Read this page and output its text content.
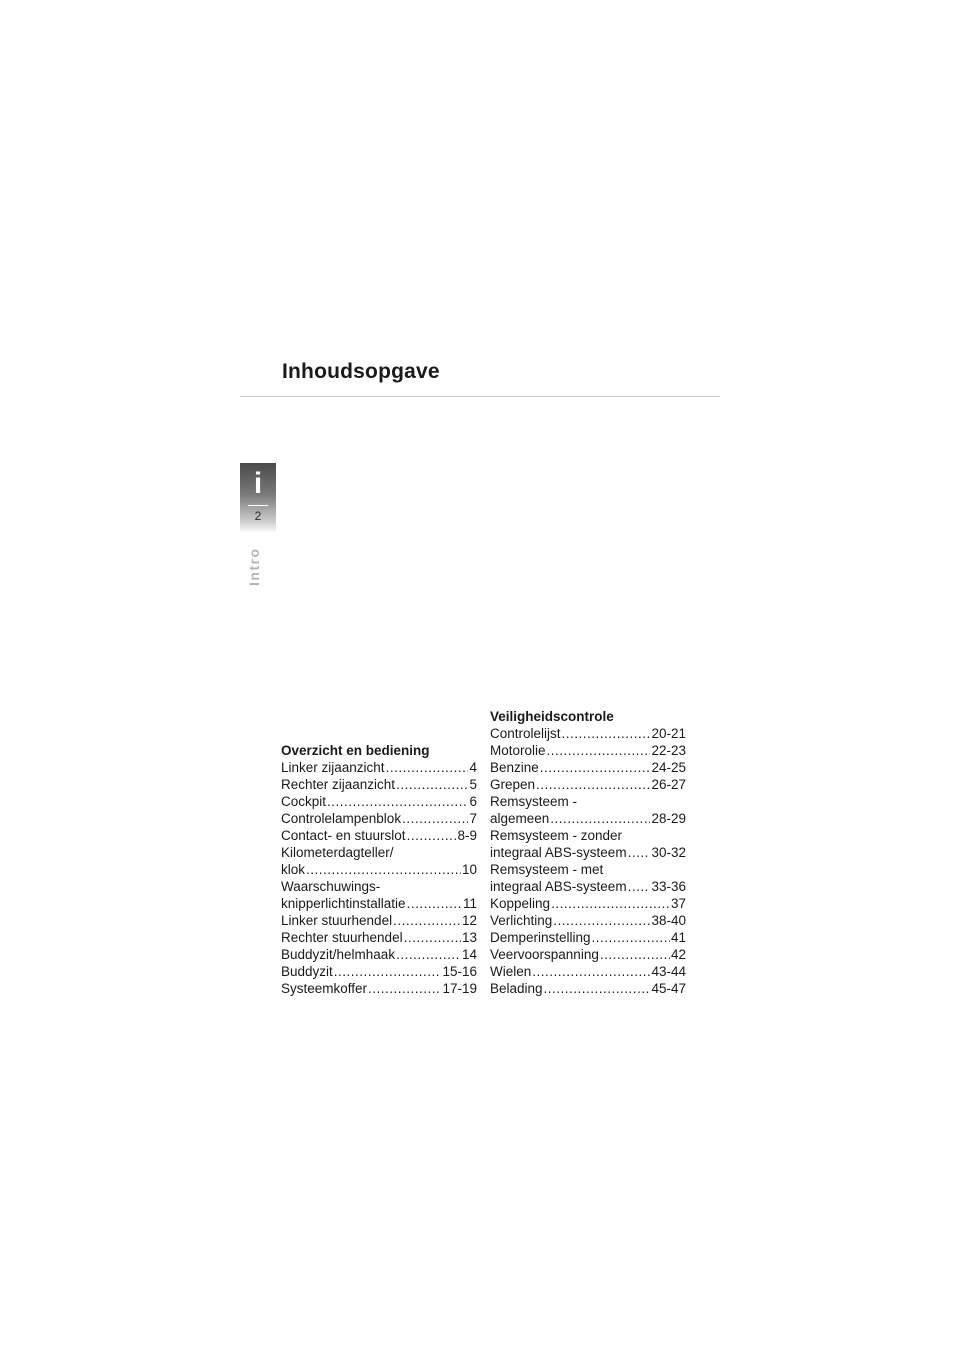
Inhoudsopgave
i
2
Intro
Overzicht en bediening
Linker zijaanzicht .....	4
Rechter zijaanzicht .....	5
Cockpit .....	6
Controlelampenblok .....	7
Contact- en stuurslot .....	8-9
Kilometerdagteller/
klok .....	10
Waarschuwings-
knipperlichtinstallatie .....	11
Linker stuurhendel .....	12
Rechter stuurhendel .....	13
Buddyzit/helmhaak .....	14
Buddyzit .....	15-16
Systeemkoffer .....	17-19
Veiligheidscontrole
Controlelijst .....	20-21
Motorolie .....	22-23
Benzine .....	24-25
Grepen .....	26-27
Remsysteem -
algemeen .....	28-29
Remsysteem - zonder
integraal ABS-systeem ..... 30-32
Remsysteem - met
integraal ABS-systeem ..... 33-36
Koppeling .....	37
Verlichting .....	38-40
Demperinstelling .....	41
Veervoorspanning .....	42
Wielen .....	43-44
Belading .....	45-47
